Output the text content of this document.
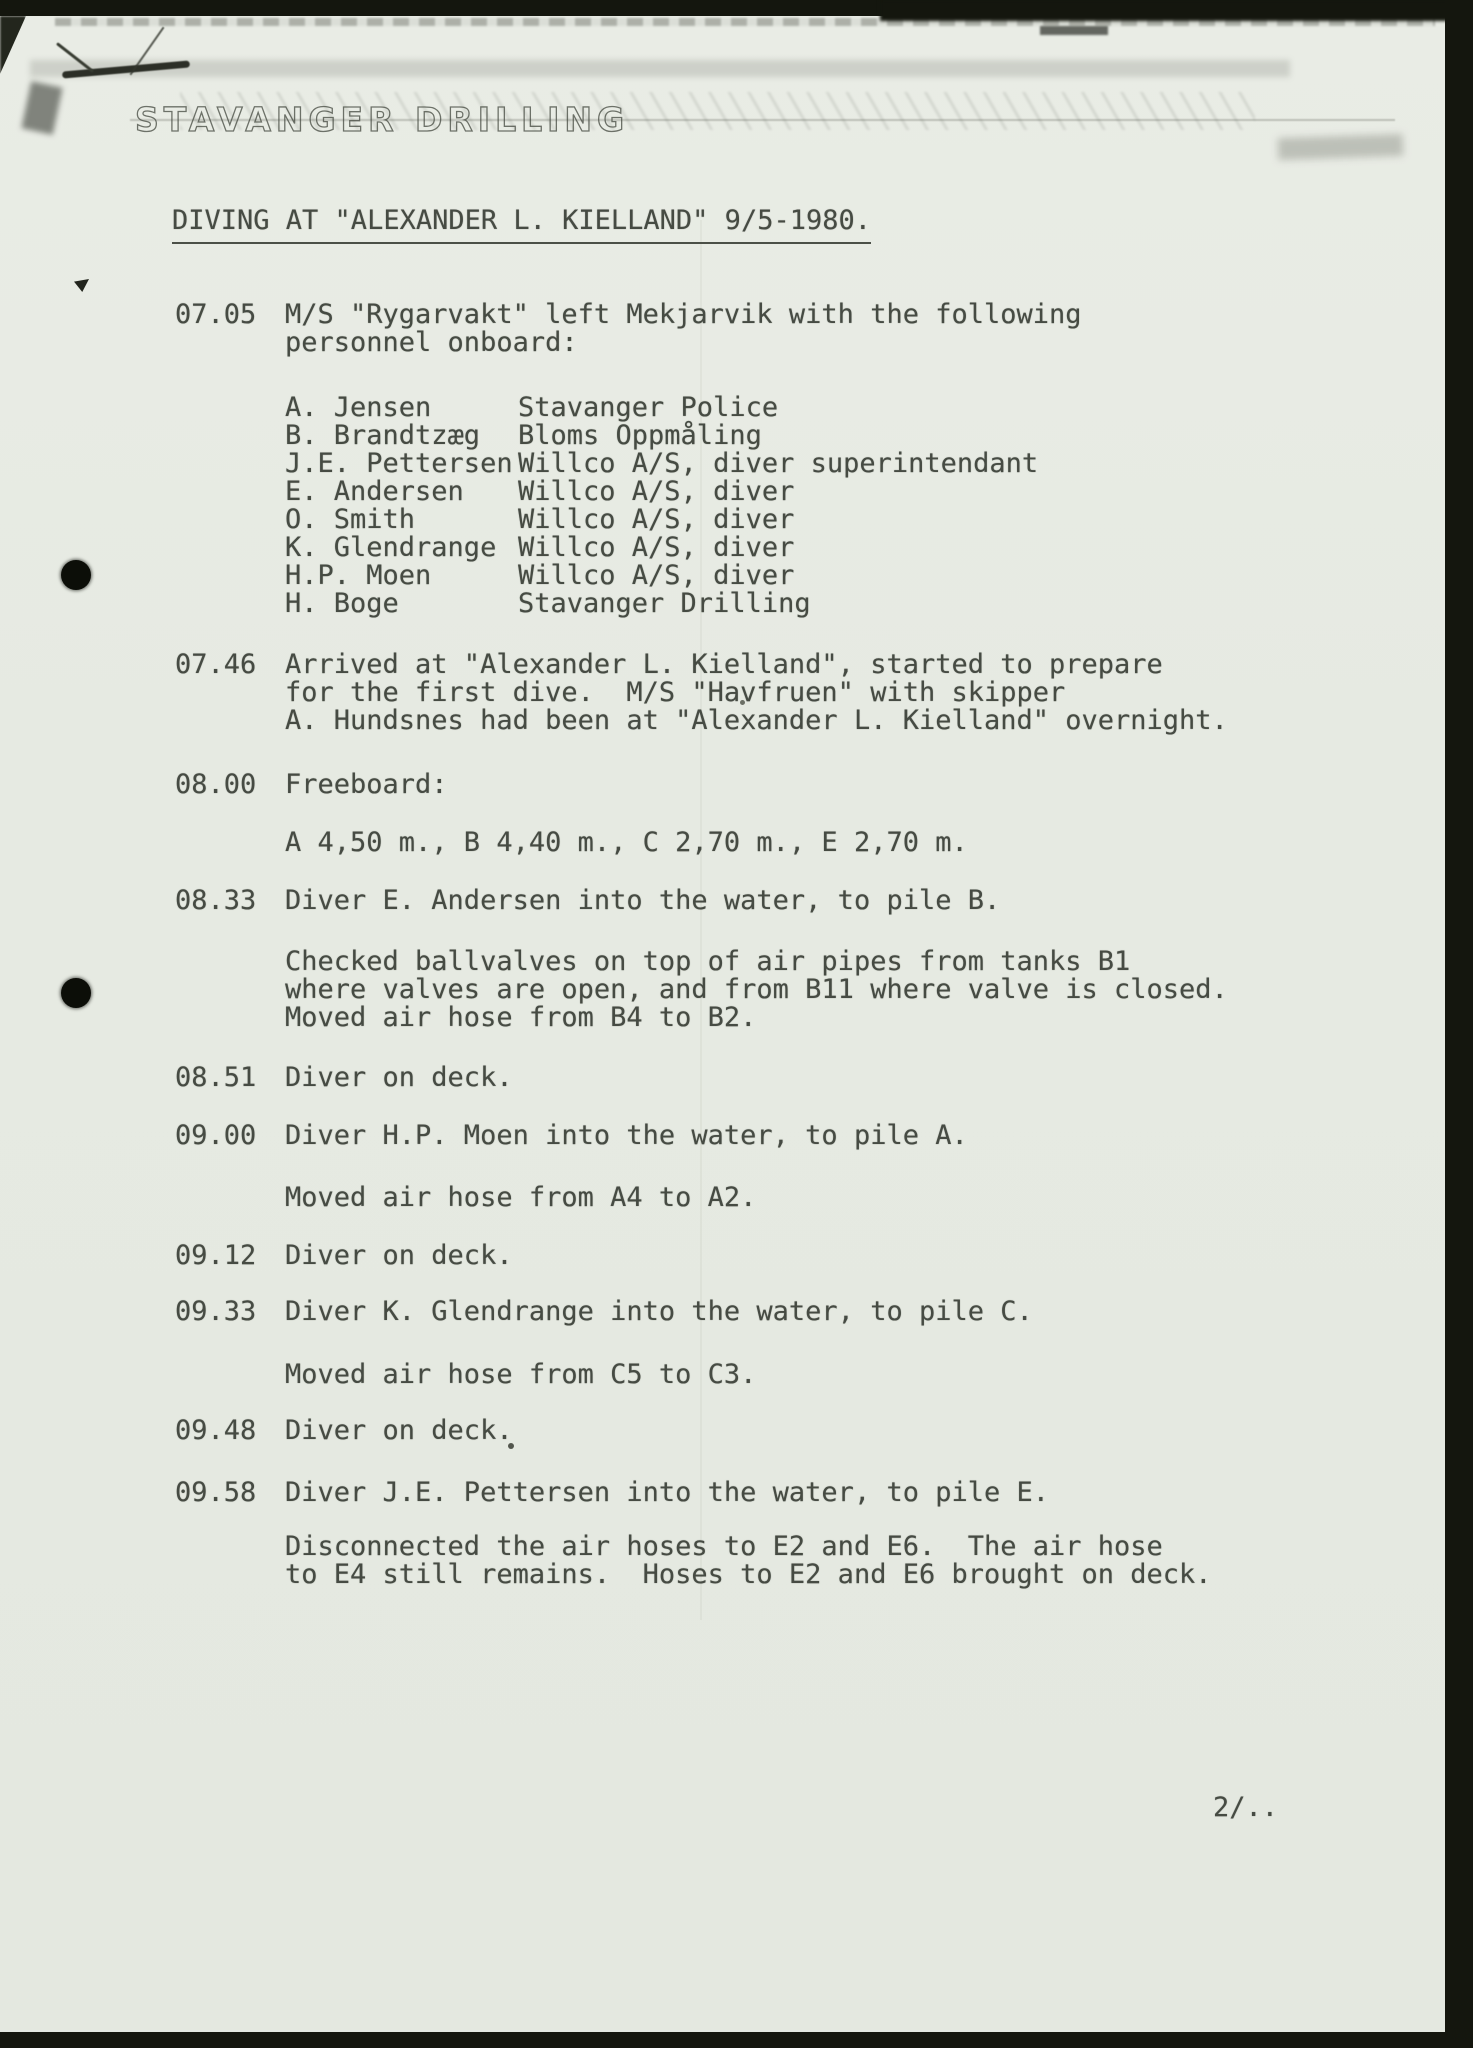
STAVANGER DRILLING
DIVING AT "ALEXANDER L. KIELLAND" 9/5-1980.
07.05 M/S "Rygarvakt" left Mekjarvik with the following
personnel onboard:
A. Jensen	Stavanger Police
B. Brandtzæg Bloms Oppmåling
J.E. Pettersen Willco A/S, diver superintendant
E. Andersen Willco A/S, diver
O. Smith	Willco A/S, diver
K. Glendrange Willco A/S, diver
H.P. Moen	Willco A/S, diver
H. Boge	Stavanger Drilling
07.46 Arrived at "Alexander L. Kielland", started to prepare
for the first dive.  M/S "Havfruen" with skipper
A. Hundsnes had been at "Alexander L. Kielland" overnight.
08.00 Freeboard:
A 4,50 m., B 4,40 m., C 2,70 m., E 2,70 m.
08.33 Diver E. Andersen into the water, to pile B.
Checked ballvalves on top of air pipes from tanks B1
where valves are open, and from B11 where valve is closed.
Moved air hose from B4 to B2.
08.51 Diver on deck.
09.00 Diver H.P. Moen into the water, to pile A.
Moved air hose from A4 to A2.
09.12 Diver on deck.
09.33 Diver K. Glendrange into the water, to pile C.
Moved air hose from C5 to C3.
09.48 Diver on deck.
09.58 Diver J.E. Pettersen into the water, to pile E.
Disconnected the air hoses to E2 and E6.  The air hose
to E4 still remains.  Hoses to E2 and E6 brought on deck.
2/..
